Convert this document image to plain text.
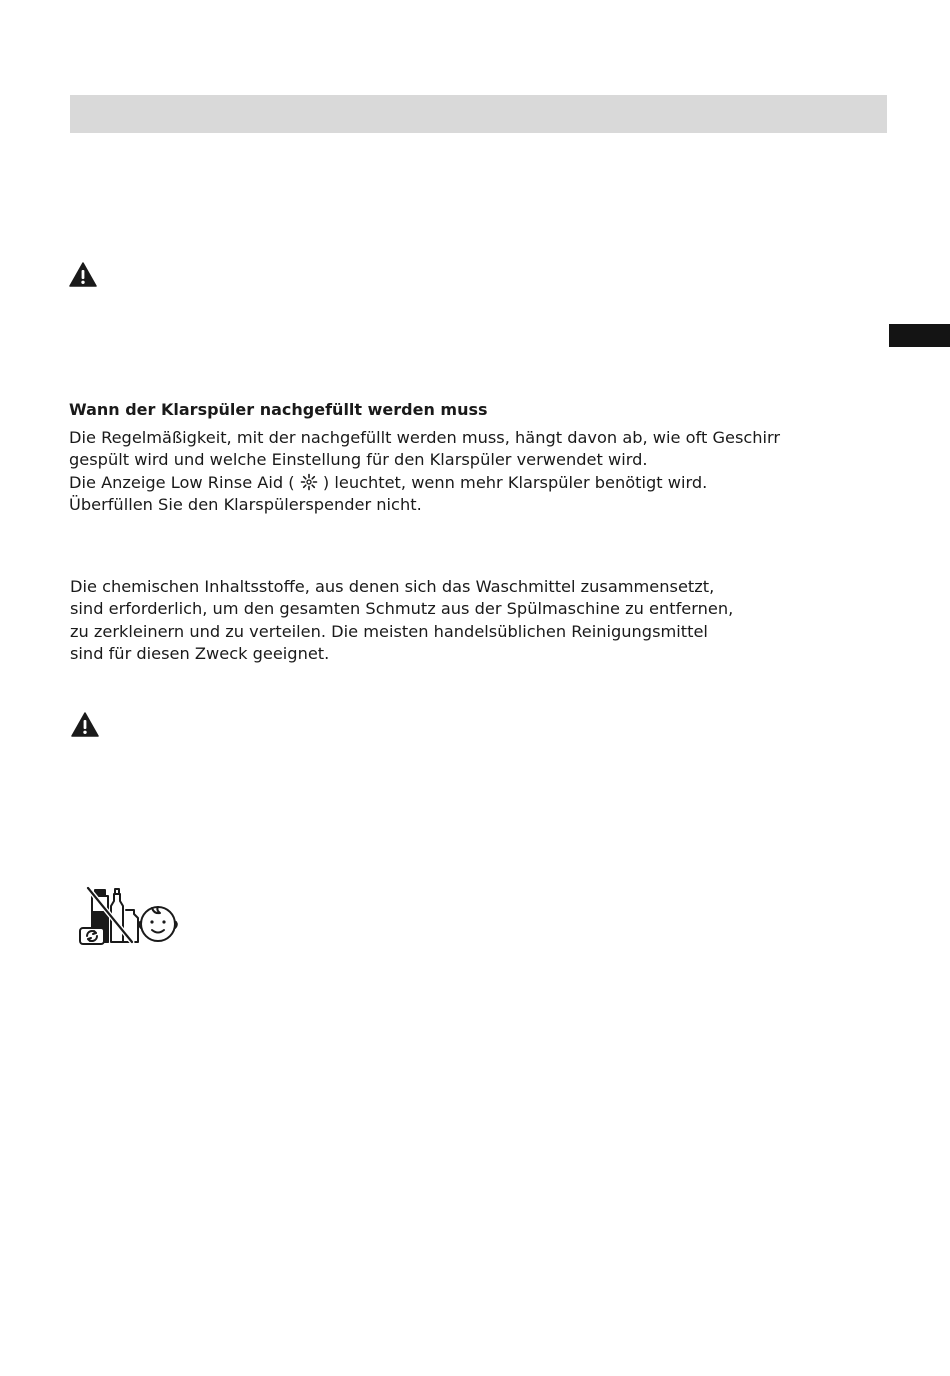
Wann der Klarspüler nachgefüllt werden muss
Die Regelmäßigkeit, mit der nachgefüllt werden muss, hängt davon ab, wie oft Geschirr
gespült wird und welche Einstellung für den Klarspüler verwendet wird.
Die Anzeige Low Rinse Aid (  ) leuchtet, wenn mehr Klarspüler benötigt wird.
Überfüllen Sie den Klarspülerspender nicht.
Die chemischen Inhaltsstoffe, aus denen sich das Waschmittel zusammensetzt,
sind erforderlich, um den gesamten Schmutz aus der Spülmaschine zu entfernen,
zu zerkleinern und zu verteilen. Die meisten handelsüblichen Reinigungsmittel
sind für diesen Zweck geeignet.
